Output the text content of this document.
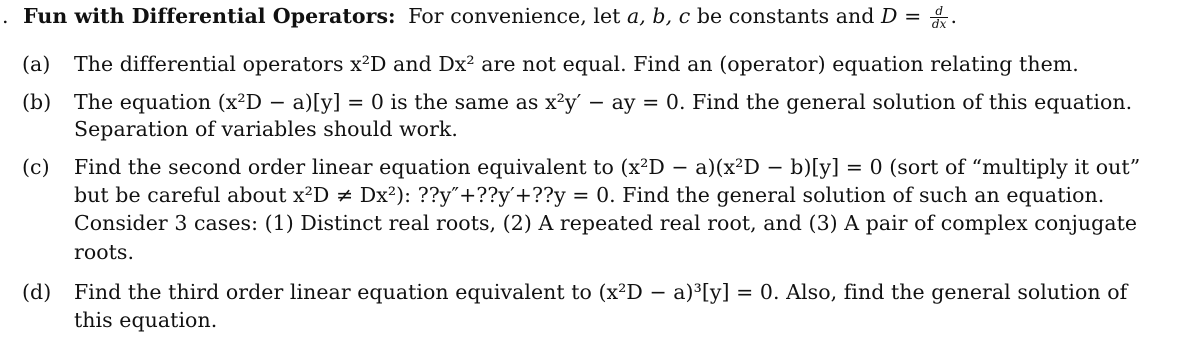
. Fun with Differential Operators: For convenience, let a, b, c be constants and $D = \frac{d}{dx}$ .
(a) The differential operators x²D and Dx² are not equal. Find an (operator) equation relating them.
(b) The equation (x²D − a)[y] = 0 is the same as x²y′ − ay = 0. Find the general solution of this equation.
Separation of variables should work.
(c) Find the second order linear equation equivalent to (x²D − a)(x²D − b)[y] = 0 (sort of “multiply it out”
but be careful about x²D ≠ Dx²): ??y″+??y′+??y = 0. Find the general solution of such an equation.
Consider 3 cases: (1) Distinct real roots, (2) A repeated real root, and (3) A pair of complex conjugate
roots.
(d) Find the third order linear equation equivalent to (x²D − a)³[y] = 0. Also, find the general solution of
this equation.
